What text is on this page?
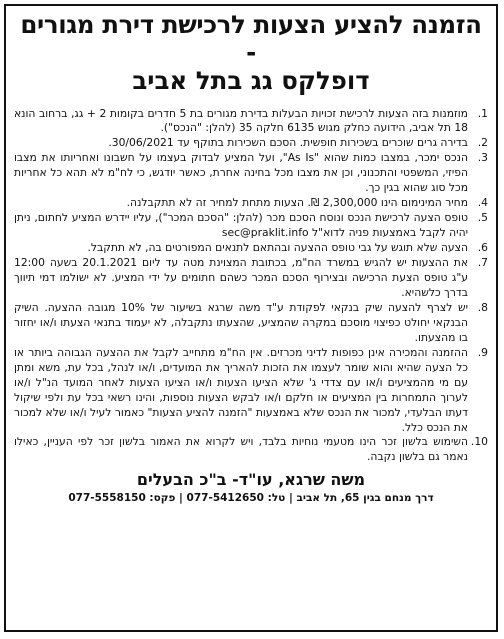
הזמנה להציע הצעות לרכישת דירת מגורים -
דופלקס גג בתל אביב
1.
מוזמנות בזה הצעות לרכישת זכויות הבעלות בדירת מגורים בת 5 חדרים בקומות 2 + גג, ברחוב הונא 18 תל אביב, הידועה כחלק מגוש 6135 חלקה 35 (להלן: "הנכס").
2.
בדירה גרים שוכרים בשכירות חופשית. הסכם השכירות בתוקף עד 30/06/2021.
3.
הנכס ימכר, במצבו כמות שהוא "As Is", ועל המציע לבדוק בעצמו על חשבונו ואחריותו את מצבו הפיזי, המשפטי והתכנוני, וכן את מצבו מכל בחינה אחרת, כאשר יודגש, כי לח"מ לא תהא כל אחריות מכל סוג שהוא בגין כך.
4.
מחיר המינימום הינו 2,300,000 ₪. הצעות מתחת למחיר זה לא תתקבלנה.
5.
טופס הצעה לרכישת הנכס ונוסח הסכם מכר (להלן: "הסכם המכר"), עליו יידרש המציע לחתום, ניתן יהיה לקבל באמצעות פניה לדוא"ל sec@praklit.info
6.
הצעה שלא תוגש על גבי טופס ההצעה ובהתאם לתנאים המפורטים בה, לא תתקבל.
7.
את ההצעות יש להגיש במשרד הח"מ, בכתובת המצוינת מטה עד ליום 20.1.2021 בשעה 12:00 ע"ג טופס הצעת הרכישה ובצירוף הסכם המכר כשהם חתומים על ידי המציע. לא ישולמו דמי תיווך בדרך כלשהיא.
8.
יש לצרף להצעה שיק בנקאי לפקודת ע"ד משה שרגא בשיעור של 10% מגובה ההצעה. השיק הבנקאי יחולט כפיצוי מוסכם במקרה שהמציע, שהצעתו נתקבלה, לא יעמוד בתנאי הצעתו ו/או יחזור בו מהצעתו.
9.
ההזמנה והמכירה אינן כפופות לדיני מכרזים. אין הח"מ מתחייב לקבל את ההצעה הגבוהה ביותר או כל הצעה שהיא והוא שומר לעצמו את הזכות להאריך את המועדים, ו/או לנהל, בכל עת, משא ומתן עם מי מהמציעים ו/או עם צדדי ג' שלא הציעו הצעות ו/או הציעו הצעות לאחר המועד הנ"ל ו/או לערוך התמחרות בין המציעים או חלקם ו/או לבקש הצעות נוספות, והינו רשאי בכל עת ולפי שיקול דעתו הבלעדי, למכור את הנכס שלא באמצעות "הזמנה להציע הצעות" כאמור לעיל ו/או שלא למכור את הנכס כלל.
10.
השימוש בלשון זכר הינו מטעמי נוחיות בלבד, ויש לקרוא את האמור בלשון זכר לפי העניין, כאילו נאמר גם בלשון נקבה.
משה שרגא, עו"ד- ב"כ הבעלים
דרך מנחם בגין 65, תל אביב | טל: 077-5412650 | פקס: 077-5558150
